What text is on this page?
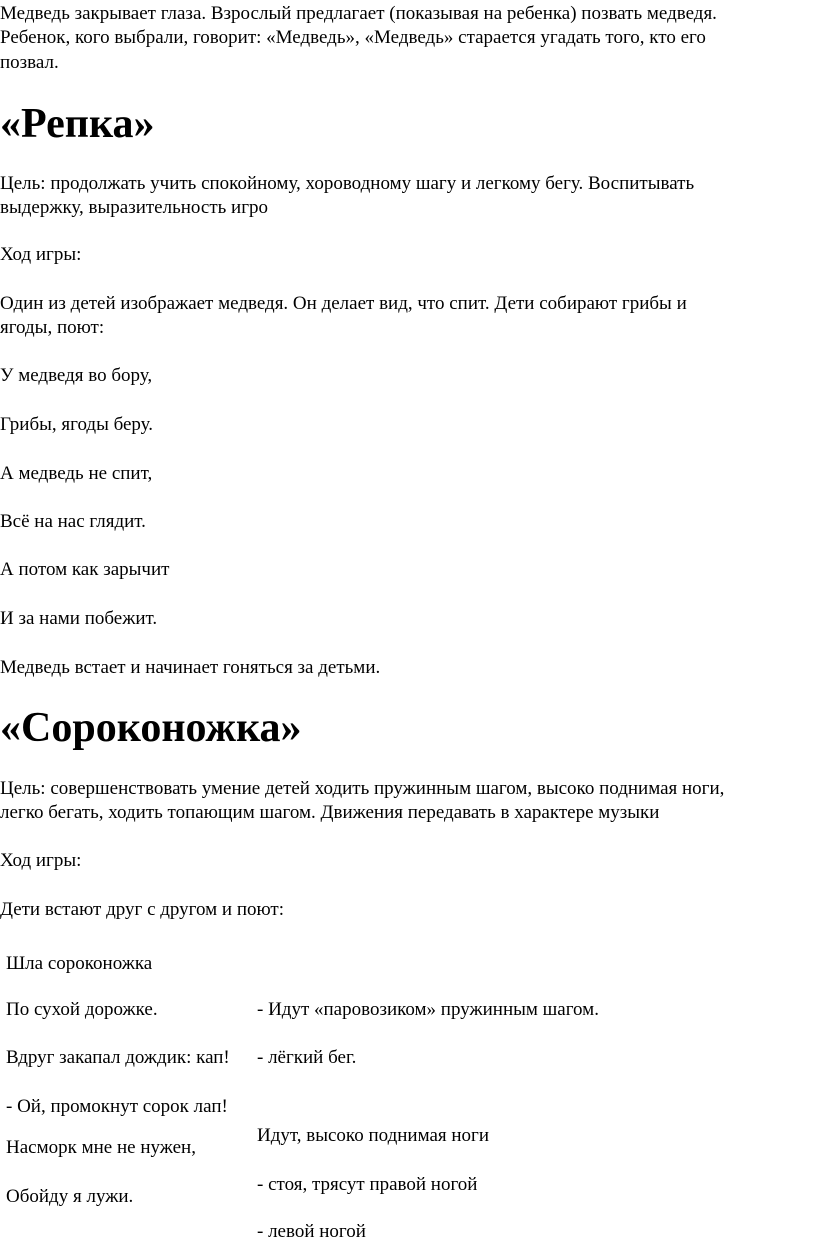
Медведь закрывает глаза. Взрослый предлагает (показывая на ребенка) позвать медведя.
Ребенок, кого выбрали, говорит: «Медведь», «Медведь» старается угадать того, кто его
позвал.
«Репка»
Цель: продолжать учить спокойному, хороводному шагу и легкому бегу. Воспитывать
выдержку, выразительность игро
Ход игры:
Один из детей изображает медведя. Он делает вид, что спит. Дети собирают грибы и
ягоды, поют:
У медведя во бору,
Грибы, ягоды беру.
А медведь не спит,
Всё на нас глядит.
А потом как зарычит
И за нами побежит.
Медведь встает и начинает гоняться за детьми.
«Сороконожка»
Цель: совершенствовать умение детей ходить пружинным шагом, высоко поднимая ноги,
легко бегать, ходить топающим шагом. Движения передавать в характере музыки
Ход игры:
Дети встают друг с другом и поют:
Шла сороконожка
По сухой дорожке.
Вдруг закапал дождик: кап!
- Ой, промокнут сорок лап!
Насморк мне не нужен,
Обойду я лужи.
- Идут «паровозиком» пружинным шагом.
- лёгкий бег.
Идут, высоко поднимая ноги
- стоя, трясут правой ногой
- левой ногой
